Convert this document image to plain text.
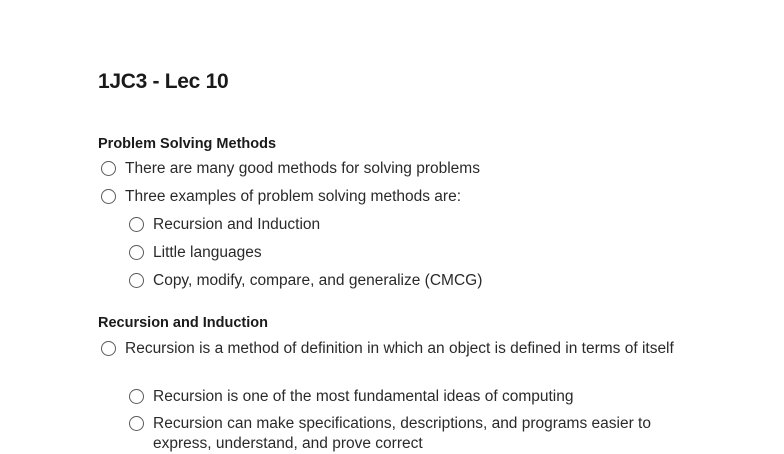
1JC3 - Lec 10
Problem Solving Methods
There are many good methods for solving problems
Three examples of problem solving methods are:
Recursion and Induction
Little languages
Copy, modify, compare, and generalize (CMCG)
Recursion and Induction
Recursion is a method of definition in which an object is defined in terms of itself
Recursion is one of the most fundamental ideas of computing
Recursion can make specifications, descriptions, and programs easier to express, understand, and prove correct
